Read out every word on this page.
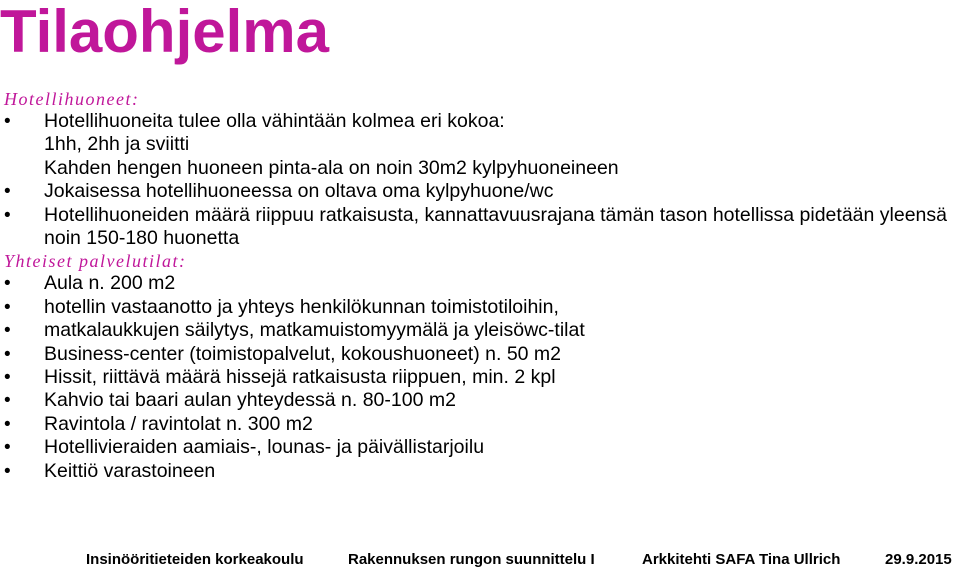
Tilaohjelma
Hotellihuoneet:
• Hotellihuoneita tulee olla vähintään kolmea eri kokoa:
1hh, 2hh ja sviitti
Kahden hengen huoneen pinta-ala on noin 30m2 kylpyhuoneineen
• Jokaisessa hotellihuoneessa on oltava oma kylpyhuone/wc
• Hotellihuoneiden määrä riippuu ratkaisusta, kannattavuusrajana tämän tason hotellissa pidetään yleensä noin 150-180 huonetta
Yhteiset palvelutilat:
• Aula n. 200 m2
• hotellin vastaanotto ja yhteys henkilökunnan toimistotiloihin,
• matkalaukkujen säilytys, matkamuistomyymälä ja yleisöwc-tilat
• Business-center (toimistopalvelut, kokoushuoneet) n. 50 m2
• Hissit, riittävä määrä hissejä ratkaisusta riippuen, min. 2 kpl
• Kahvio tai baari aulan yhteydessä n. 80-100 m2
• Ravintola / ravintolat n. 300 m2
• Hotellivieraiden aamiais-, lounas- ja päivällistarjoilu
• Keittiö varastoineen
Insinööritieteiden korkeakoulu	Rakennuksen rungon suunnittelu I	Arkkitehti SAFA Tina Ullrich	29.9.2015
